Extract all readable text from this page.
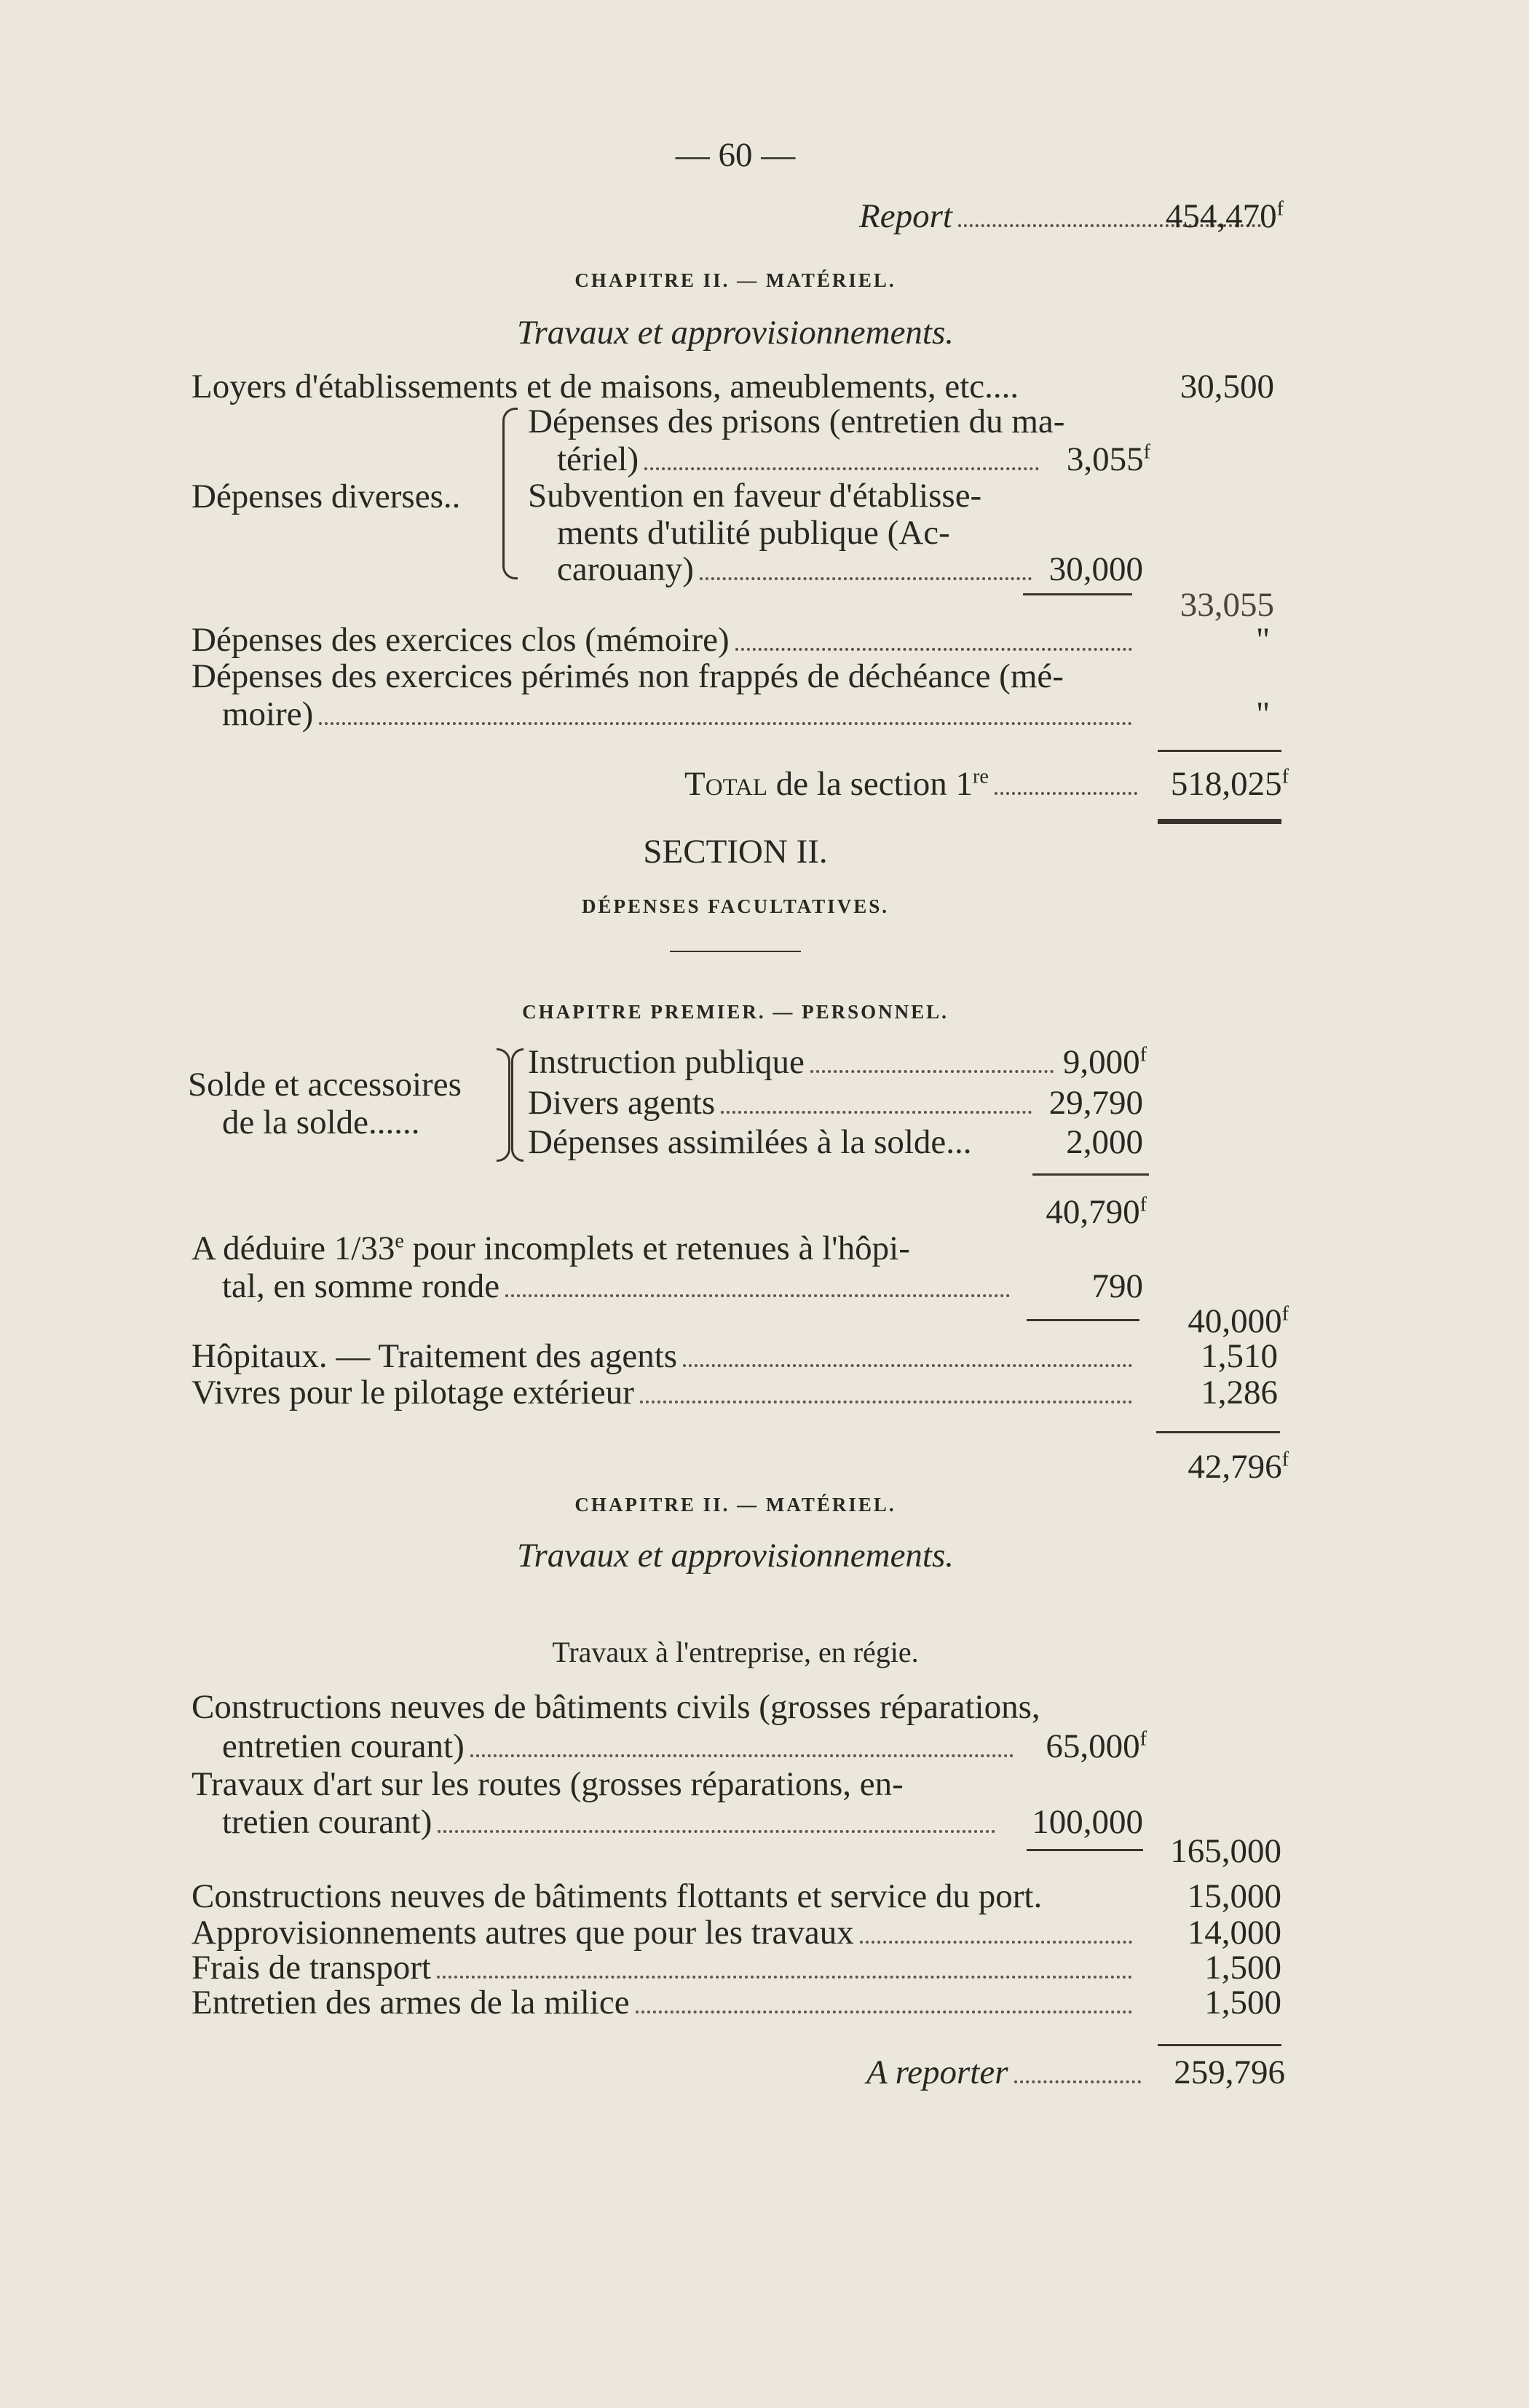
— 60 —
Report	454,470$^f$
CHAPITRE II. — MATÉRIEL.
Travaux et approvisionnements.
Loyers d'établissements et de maisons, ameublements, etc....	30,500
Dépenses diverses..
Dépenses des prisons (entretien du ma-
tériel)	3,055$^f$
Subvention en faveur d'établisse-
ments d'utilité publique (Ac-
carouany)	30,000
33,055
Dépenses des exercices clos (mémoire)	"
Dépenses des exercices périmés non frappés de déchéance (mé-
moire)	"
Total de la section 1re	518,025$^f$
SECTION II.
DÉPENSES FACULTATIVES.
CHAPITRE PREMIER. — PERSONNEL.
Solde et accessoires
de la solde......
Instruction publique	9,000$^f$
Divers agents	29,790
Dépenses assimilées à la solde...	2,000
40,790$^f$
A déduire 1/33e pour incomplets et retenues à l'hôpi-
tal, en somme ronde	790
40,000$^f$
Hôpitaux. — Traitement des agents	1,510
Vivres pour le pilotage extérieur	1,286
42,796$^f$
CHAPITRE II. — MATÉRIEL.
Travaux et approvisionnements.
Travaux à l'entreprise, en régie.
Constructions neuves de bâtiments civils (grosses réparations,
entretien courant)	65,000$^f$
Travaux d'art sur les routes (grosses réparations, en-
tretien courant)	100,000
165,000
Constructions neuves de bâtiments flottants et service du port.	15,000
Approvisionnements autres que pour les travaux	14,000
Frais de transport	1,500
Entretien des armes de la milice	1,500
A reporter	259,796
